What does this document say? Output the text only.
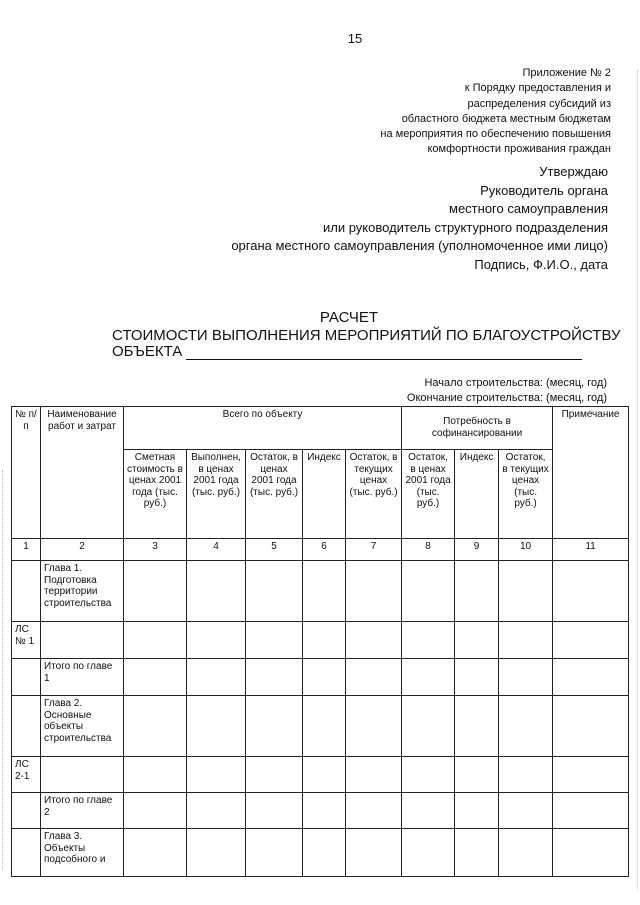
15
Приложение № 2
к Порядку предоставления и
распределения субсидий из
областного бюджета местным бюджетам
на мероприятия по обеспечению повышения
комфортности проживания граждан
Утверждаю
Руководитель органа
местного самоуправления
или руководитель структурного подразделения
органа местного самоуправления (уполномоченное ими лицо)
Подпись, Ф.И.О., дата
РАСЧЕТ
СТОИМОСТИ ВЫПОЛНЕНИЯ МЕРОПРИЯТИЙ ПО БЛАГОУСТРОЙСТВУ
ОБЪЕКТА
Начало строительства: (месяц, год)
Окончание строительства: (месяц, год)
№ п/п	Наименование работ и затрат	Всего по объекту					Потребность в софинансировании			Примечание
		Сметная стоимость в ценах 2001 года (тыс. руб.)	Выполнен, в ценах 2001 года (тыс. руб.)	Остаток, в ценах 2001 года (тыс. руб.)	Индекс	Остаток, в текущих ценах (тыс. руб.)	Остаток, в ценах 2001 года (тыс. руб.)	Индекс	Остаток, в текущих ценах (тыс. руб.)	
1	2	3	4	5	6	7	8	9	10	11
	Глава 1. Подготовка территории строительства									
ЛС № 1										
	Итого по главе 1									
	Глава 2. Основные объекты строительства									
ЛС 2-1										
	Итого по главе 2									
	Глава 3. Объекты подсобного и									
